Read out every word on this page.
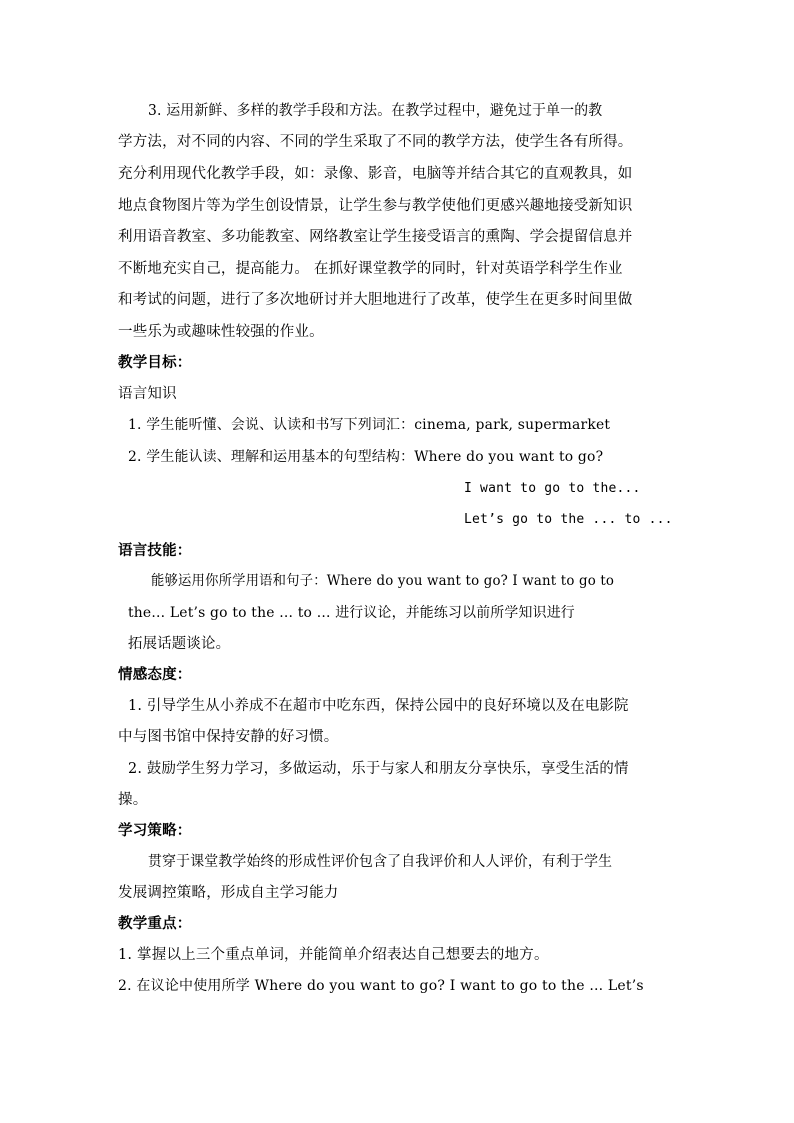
3. 运用新鲜、多样的教学手段和方法。在教学过程中，避免过于单一的教
学方法，对不同的内容、不同的学生采取了不同的教学方法，使学生各有所得。
充分利用现代化教学手段，如：录像、影音，电脑等并结合其它的直观教具，如
地点食物图片等为学生创设情景，让学生参与教学使他们更感兴趣地接受新知识
利用语音教室、多功能教室、网络教室让学生接受语言的熏陶、学会提留信息并
不断地充实自己，提高能力。 在抓好课堂教学的同时，针对英语学科学生作业
和考试的问题，进行了多次地研讨并大胆地进行了改革，使学生在更多时间里做
一些乐为或趣味性较强的作业。
教学目标：
语言知识
1. 学生能听懂、会说、认读和书写下列词汇：cinema, park, supermarket
2. 学生能认读、理解和运用基本的句型结构：Where do you want to go?
I want to go to the...
Let’s go to the ... to ...
语言技能：
能够运用你所学用语和句子：Where do you want to go? I want to go to
the... Let’s go to the ... to ... 进行议论，并能练习以前所学知识进行
拓展话题谈论。
情感态度：
1. 引导学生从小养成不在超市中吃东西，保持公园中的良好环境以及在电影院
中与图书馆中保持安静的好习惯。
2. 鼓励学生努力学习，多做运动，乐于与家人和朋友分享快乐，享受生活的情
操。
学习策略：
贯穿于课堂教学始终的形成性评价包含了自我评价和人人评价，有利于学生
发展调控策略，形成自主学习能力
教学重点：
1. 掌握以上三个重点单词，并能简单介绍表达自己想要去的地方。
2. 在议论中使用所学 Where do you want to go? I want to go to the ... Let’s
